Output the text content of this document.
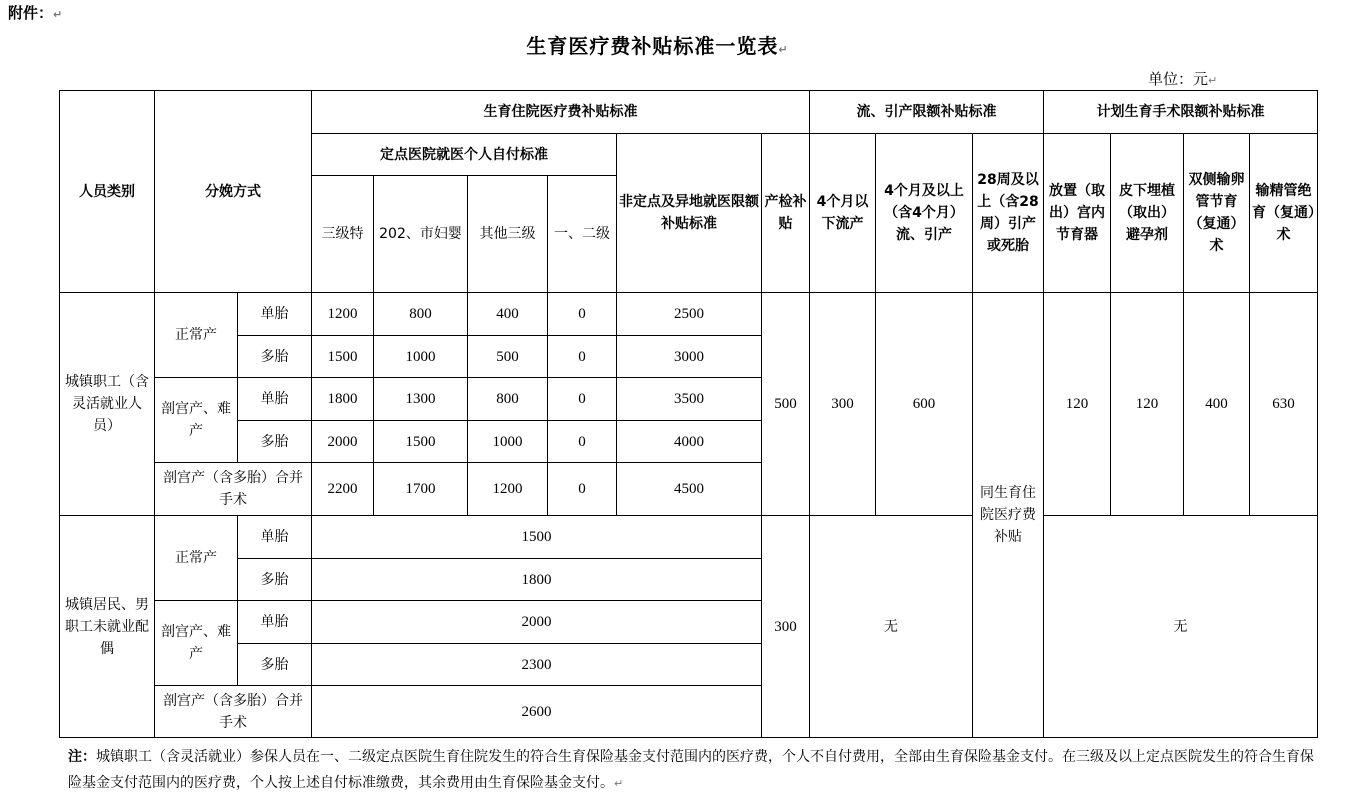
附件：↵
生育医疗费补贴标准一览表↵
单位：元↵
人员类别	分娩方式		生育住院医疗费补贴标准						流、引产限额补贴标准			计划生育手术限额补贴标准			
			定点医院就医个人自付标准				非定点及异地就医限额补贴标准	产检补贴	4个月以下流产	4个月及以上（含4个月）流、引产	28周及以上（含28周）引产或死胎	放置（取出）宫内节育器	皮下埋植（取出）避孕剂	双侧输卵管节育（复通）术	输精管绝育（复通）术
			三级特	202、市妇婴	其他三级	一、二级									
城镇职工（含灵活就业人员）	正常产	单胎	1200	800	400	0	2500	500	300	600	同生育住院医疗费补贴	120	120	400	630
		多胎	1500	1000	500	0	3000								
	剖宫产、难产	单胎	1800	1300	800	0	3500								
		多胎	2000	1500	1000	0	4000								
	剖宫产（含多胎）合并手术		2200	1700	1200	0	4500								
城镇居民、男职工未就业配偶	正常产	单胎	1500					300	无			无			
		多胎	1800												
	剖宫产、难产	单胎	2000												
		多胎	2300												
	剖宫产（含多胎）合并手术		2600												
注：城镇职工（含灵活就业）参保人员在一、二级定点医院生育住院发生的符合生育保险基金支付范围内的医疗费，个人不自付费用，全部由生育保险基金支付。在三级及以上定点医院发生的符合生育保险基金支付范围内的医疗费，个人按上述自付标准缴费，其余费用由生育保险基金支付。↵
